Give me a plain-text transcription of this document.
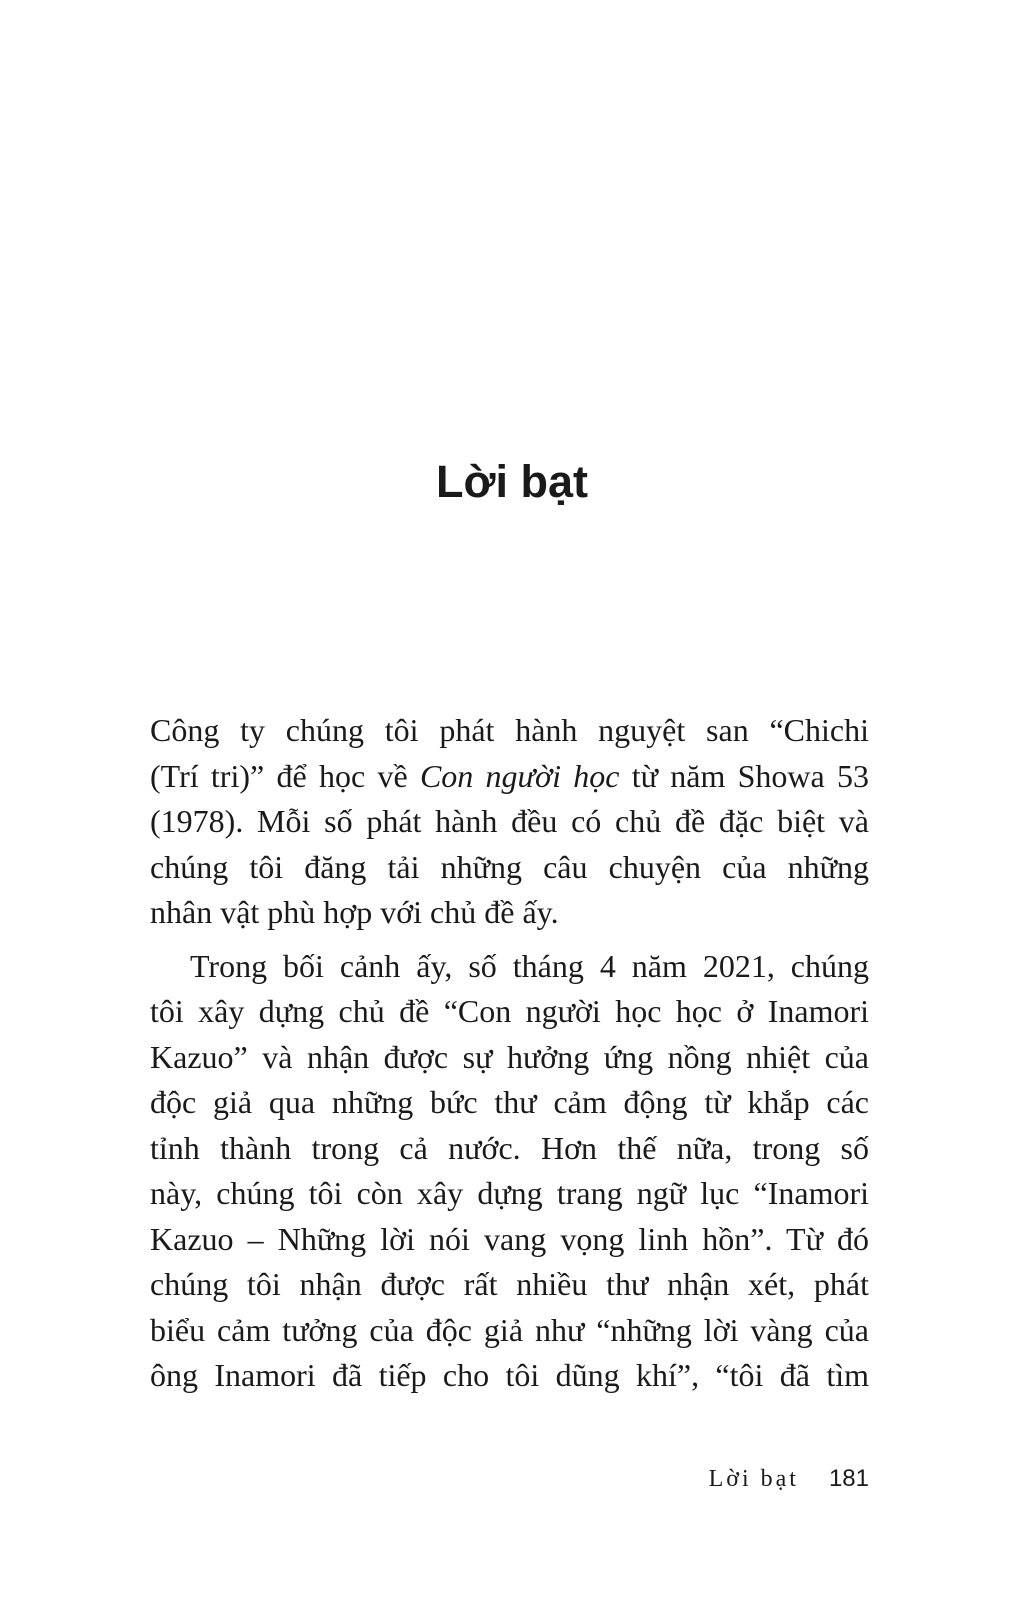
Lời bạt

Công ty chúng tôi phát hành nguyệt san “Chichi
(Trí tri)” để học về Con người học từ năm Showa 53
(1978). Mỗi số phát hành đều có chủ đề đặc biệt và
chúng tôi đăng tải những câu chuyện của những
nhân vật phù hợp với chủ đề ấy.

Trong bối cảnh ấy, số tháng 4 năm 2021, chúng
tôi xây dựng chủ đề “Con người học học ở Inamori
Kazuo” và nhận được sự hưởng ứng nồng nhiệt của
độc giả qua những bức thư cảm động từ khắp các
tỉnh thành trong cả nước. Hơn thế nữa, trong số
này, chúng tôi còn xây dựng trang ngữ lục “Inamori
Kazuo – Những lời nói vang vọng linh hồn”. Từ đó
chúng tôi nhận được rất nhiều thư nhận xét, phát
biểu cảm tưởng của độc giả như “những lời vàng của
ông Inamori đã tiếp cho tôi dũng khí”, “tôi đã tìm

Lời bạt 181
